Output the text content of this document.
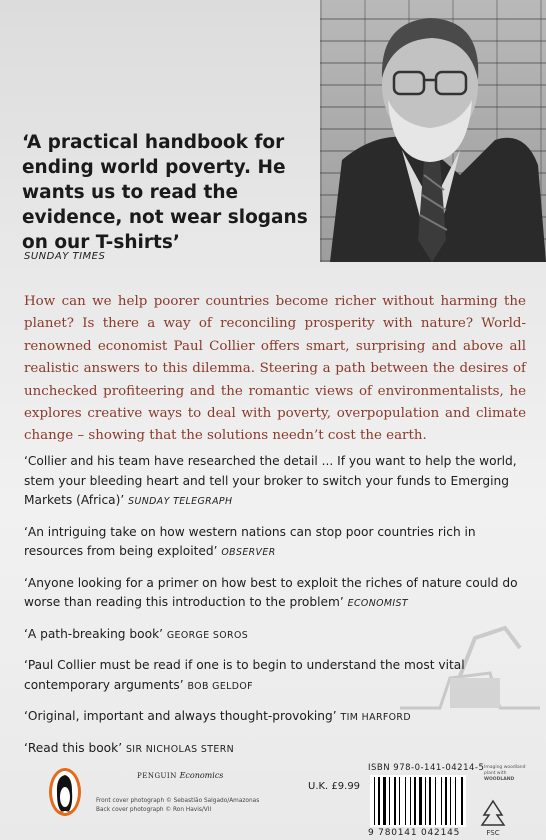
‘A practical handbook for ending world poverty. He wants us to read the evidence, not wear slogans on our T-shirts’
SUNDAY TIMES
How can we help poorer countries become richer without harming the planet? Is there a way of reconciling prosperity with nature? World-renowned economist Paul Collier offers smart, surprising and above all realistic answers to this dilemma. Steering a path between the desires of unchecked profiteering and the romantic views of environmentalists, he explores creative ways to deal with poverty, overpopulation and climate change – showing that the solutions needn’t cost the earth.
‘Collier and his team have researched the detail ... If you want to help the world, stem your bleeding heart and tell your broker to switch your funds to Emerging Markets (Africa)’ SUNDAY TELEGRAPH
‘An intriguing take on how western nations can stop poor countries rich in resources from being exploited’ OBSERVER
‘Anyone looking for a primer on how best to exploit the riches of nature could do worse than reading this introduction to the problem’ ECONOMIST
‘A path-breaking book’ GEORGE SOROS
‘Paul Collier must be read if one is to begin to understand the most vital contemporary arguments’ BOB GELDOF
‘Original, important and always thought-provoking’ TIM HARFORD
‘Read this book’ SIR NICHOLAS STERN
PENGUIN Economics
Front cover photograph © Sebastião Salgado/Amazonas
Back cover photograph © Ron Havis/VII
U.K. £9.99
ISBN 978-0-141-04214-5
9 780141 042145
Imaging woodland plant with
WOODLAND
FSC
